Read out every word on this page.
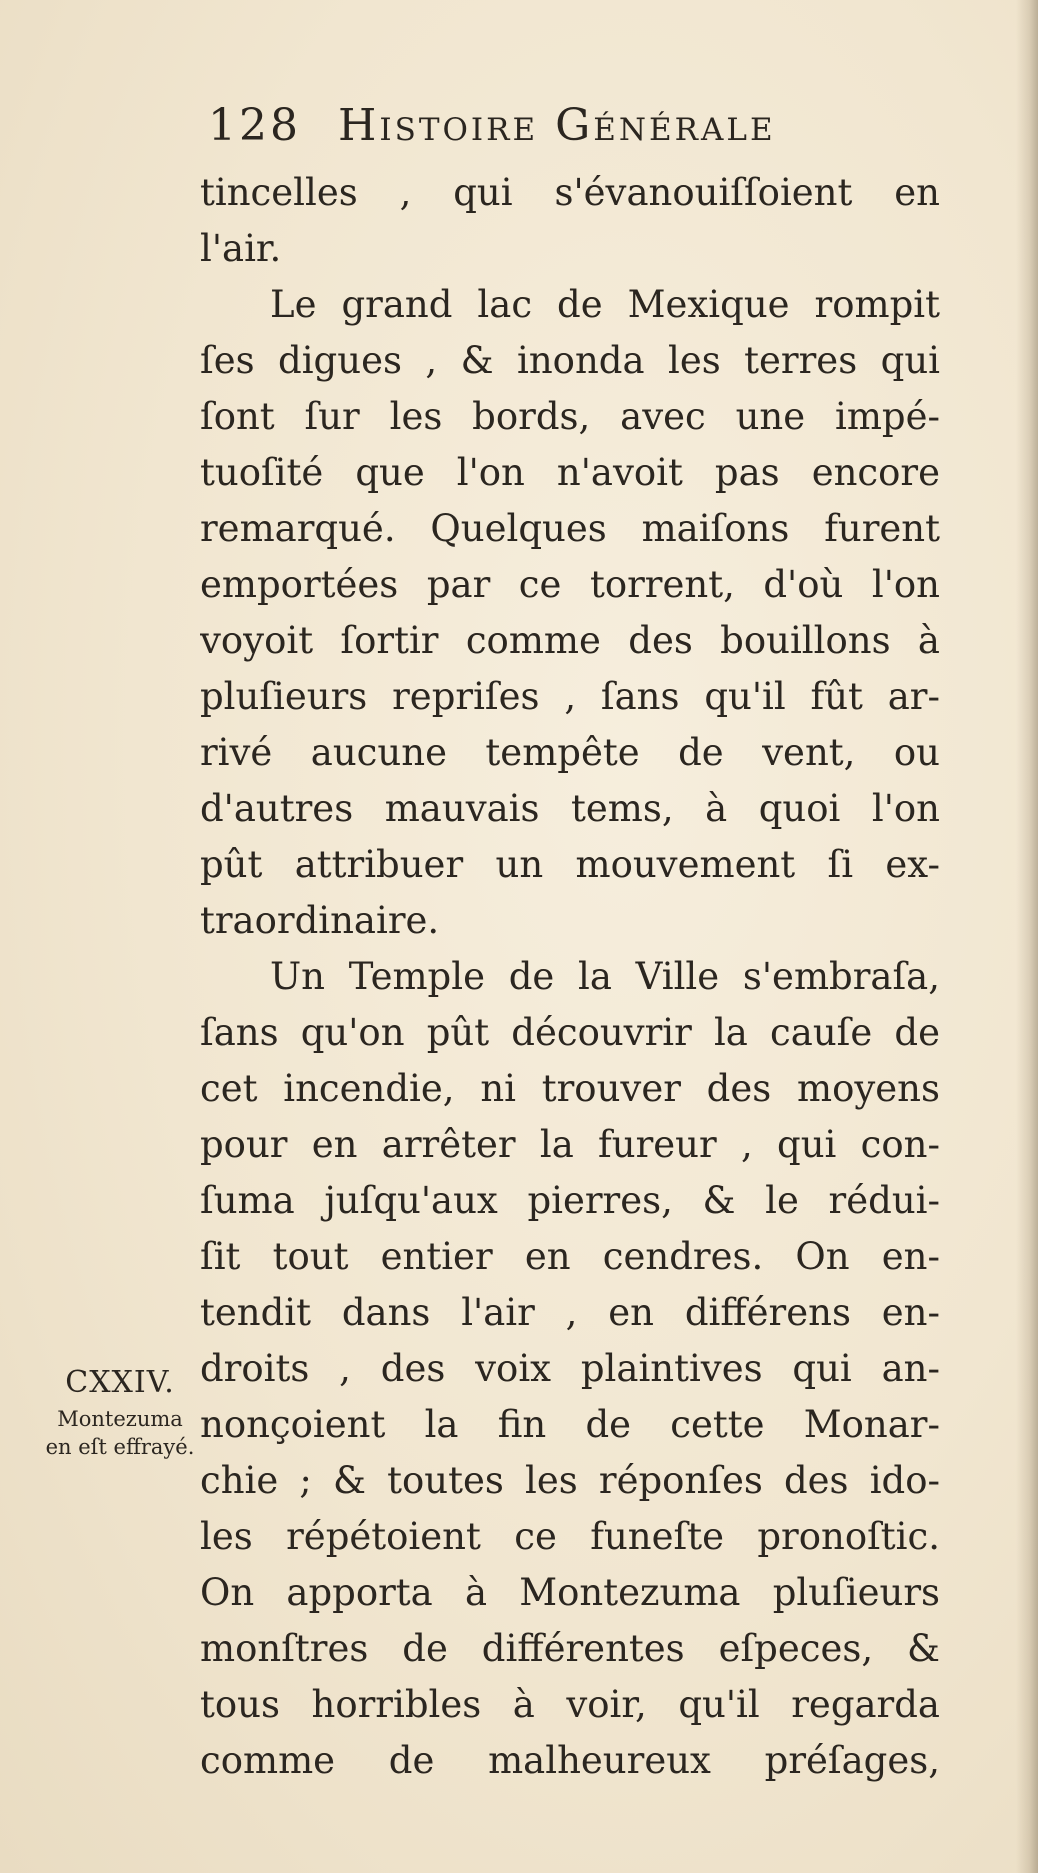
128 Histoire Générale
tincelles , qui s'évanouiſſoient en
l'air.
Le grand lac de Mexique rompit
ſes digues , & inonda les terres qui
ſont ſur les bords, avec une impé-
tuoſité que l'on n'avoit pas encore
remarqué. Quelques maiſons furent
emportées par ce torrent, d'où l'on
voyoit ſortir comme des bouillons à
pluſieurs repriſes , ſans qu'il fût ar-
rivé aucune tempête de vent, ou
d'autres mauvais tems, à quoi l'on
pût attribuer un mouvement ſi ex-
traordinaire.
Un Temple de la Ville s'embraſa,
ſans qu'on pût découvrir la cauſe de
cet incendie, ni trouver des moyens
pour en arrêter la fureur , qui con-
ſuma juſqu'aux pierres, & le rédui-
ſit tout entier en cendres. On en-
tendit dans l'air , en différens en-
droits , des voix plaintives qui an-
nonçoient la fin de cette Monar-
chie ; & toutes les réponſes des ido-
les répétoient ce funeſte pronoſtic.
On apporta à Montezuma pluſieurs
monſtres de différentes eſpeces, &
tous horribles à voir, qu'il regarda
comme de malheureux préſages,
CXXIV.
Montezuma
en eſt effrayé.
